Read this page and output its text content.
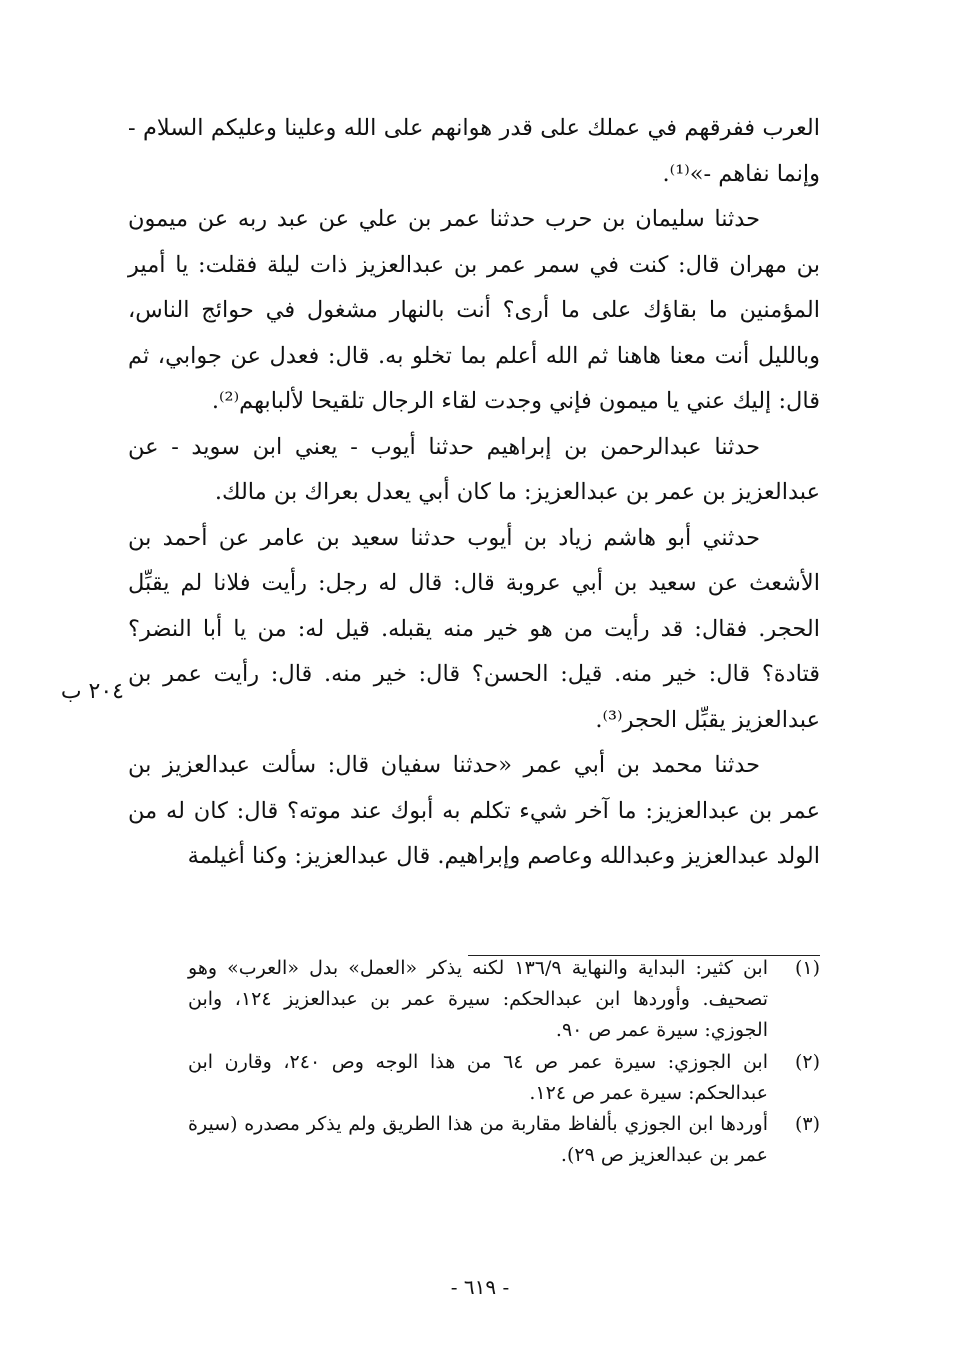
العرب ففرقهم في عملك على قدر هوانهم على الله وعلينا وعليكم السلام - وإنما نفاهم -»⁽¹⁾.

حدثنا سليمان بن حرب حدثنا عمر بن علي عن عبد ربه عن ميمون بن مهران قال: كنت في سمر عمر بن عبدالعزيز ذات ليلة فقلت: يا أمير المؤمنين ما بقاؤك على ما أرى؟ أنت بالنهار مشغول في حوائج الناس، وبالليل أنت معنا هاهنا ثم الله أعلم بما تخلو به. قال: فعدل عن جوابي، ثم قال: إليك عني يا ميمون فإني وجدت لقاء الرجال تلقيحا لألبابهم⁽²⁾.

حدثنا عبدالرحمن بن إبراهيم حدثنا أيوب - يعني ابن سويد - عن عبدالعزيز بن عمر بن عبدالعزيز: ما كان أبي يعدل بعراك بن مالك.

حدثني أبو هاشم زياد بن أيوب حدثنا سعيد بن عامر عن أحمد بن الأشعث عن سعيد بن أبي عروبة قال: قال له رجل: رأيت فلانا لم يقبِّل الحجر. فقال: قد رأيت من هو خير منه يقبله. قيل له: من يا أبا النضر؟ قتادة؟ قال: خير منه. قيل: الحسن؟ قال: خير منه. قال: رأيت عمر بن عبدالعزيز يقبِّل الحجر⁽³⁾.

٢٠٤ ب

حدثنا محمد بن أبي عمر «حدثنا سفيان قال: سألت عبدالعزيز بن عمر بن عبدالعزيز: ما آخر شيء تكلم به أبوك عند موته؟ قال: كان له من الولد عبدالعزيز وعبدالله وعاصم وإبراهيم. قال عبدالعزيز: وكنا أغيلمة

(١)
ابن كثير: البداية والنهاية ١٣٦/٩ لكنه يذكر «العمل» بدل «العرب» وهو تصحيف. وأوردها ابن عبدالحكم: سيرة عمر بن عبدالعزيز ١٢٤، وابن الجوزي: سيرة عمر ص ٩٠.
(٢)
ابن الجوزي: سيرة عمر ص ٦٤ من هذا الوجه وص ٢٤٠، وقارن ابن عبدالحكم: سيرة عمر ص ١٢٤.
(٣)
أوردها ابن الجوزي بألفاظ مقاربة من هذا الطريق ولم يذكر مصدره (سيرة عمر بن عبدالعزيز ص ٢٩).
- ٦١٩ -
